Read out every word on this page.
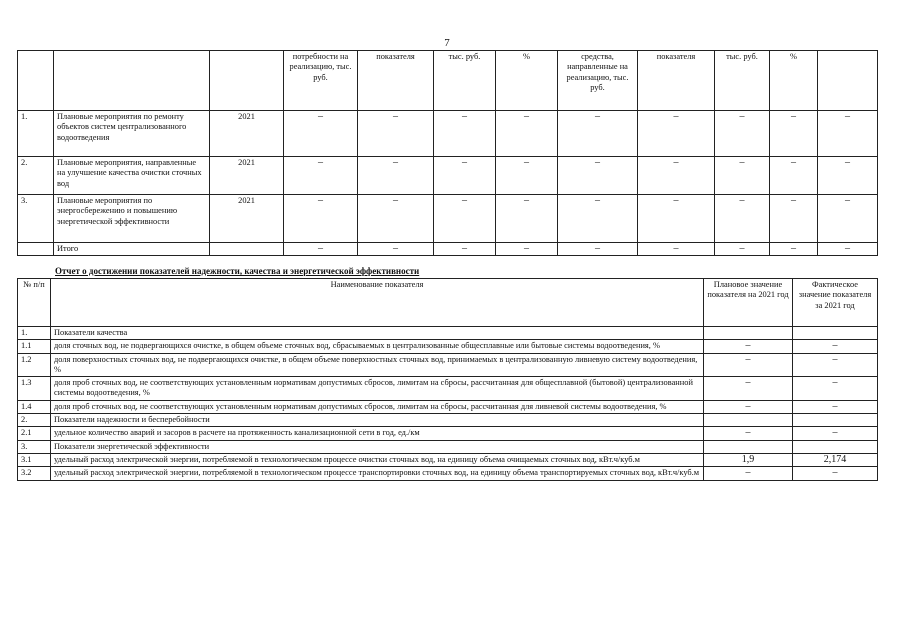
7
			потребности на реализацию, тыс. руб.	показателя	тыс. руб.	%	средства, направленные на реализацию, тыс. руб.	показателя	тыс. руб.	%	
1.	Плановые мероприятия по ремонту объектов систем централизованного водоотведения	2021	–	–	–	–	–	–	–	–	–
2.	Плановые мероприятия, направленные на улучшение качества очистки сточных вод	2021	–	–	–	–	–	–	–	–	–
3.	Плановые мероприятия по энергосбережению и повышению энергетической эффективности	2021	–	–	–	–	–	–	–	–	–
	Итого		–	–	–	–	–	–	–	–	–
Отчет о достижении показателей надежности, качества и энергетической эффективности
№ п/п	Наименование показателя	Плановое значение показателя на 2021 год	Фактическое значение показателя за 2021 год
1.	Показатели качества		
1.1	доля сточных вод, не подвергающихся очистке, в общем объеме сточных вод, сбрасываемых в централизованные общесплавные или бытовые системы водоотведения, %	–	–
1.2	доля поверхностных сточных вод, не подвергающихся очистке, в общем объеме поверхностных сточных вод, принимаемых в централизованную ливневую систему водоотведения, %	–	–
1.3	доля проб сточных вод, не соответствующих установленным нормативам допустимых сбросов, лимитам на сбросы, рассчитанная для общесплавной (бытовой) централизованной системы водоотведения, %	–	–
1.4	доля проб сточных вод, не соответствующих установленным нормативам допустимых сбросов, лимитам на сбросы, рассчитанная для ливневой системы водоотведения, %	–	–
2.	Показатели надежности и бесперебойности		
2.1	удельное количество аварий и засоров в расчете на протяженность канализационной сети в год, ед./км	–	–
3.	Показатели энергетической эффективности		
3.1	удельный расход электрической энергии, потребляемой в технологическом процессе очистки сточных вод, на единицу объема очищаемых сточных вод, кВт.ч/куб.м	1,9	2,174
3.2	удельный расход электрической энергии, потребляемой в технологическом процессе транспортировки сточных вод, на единицу объема транспортируемых сточных вод, кВт.ч/куб.м	–	–
